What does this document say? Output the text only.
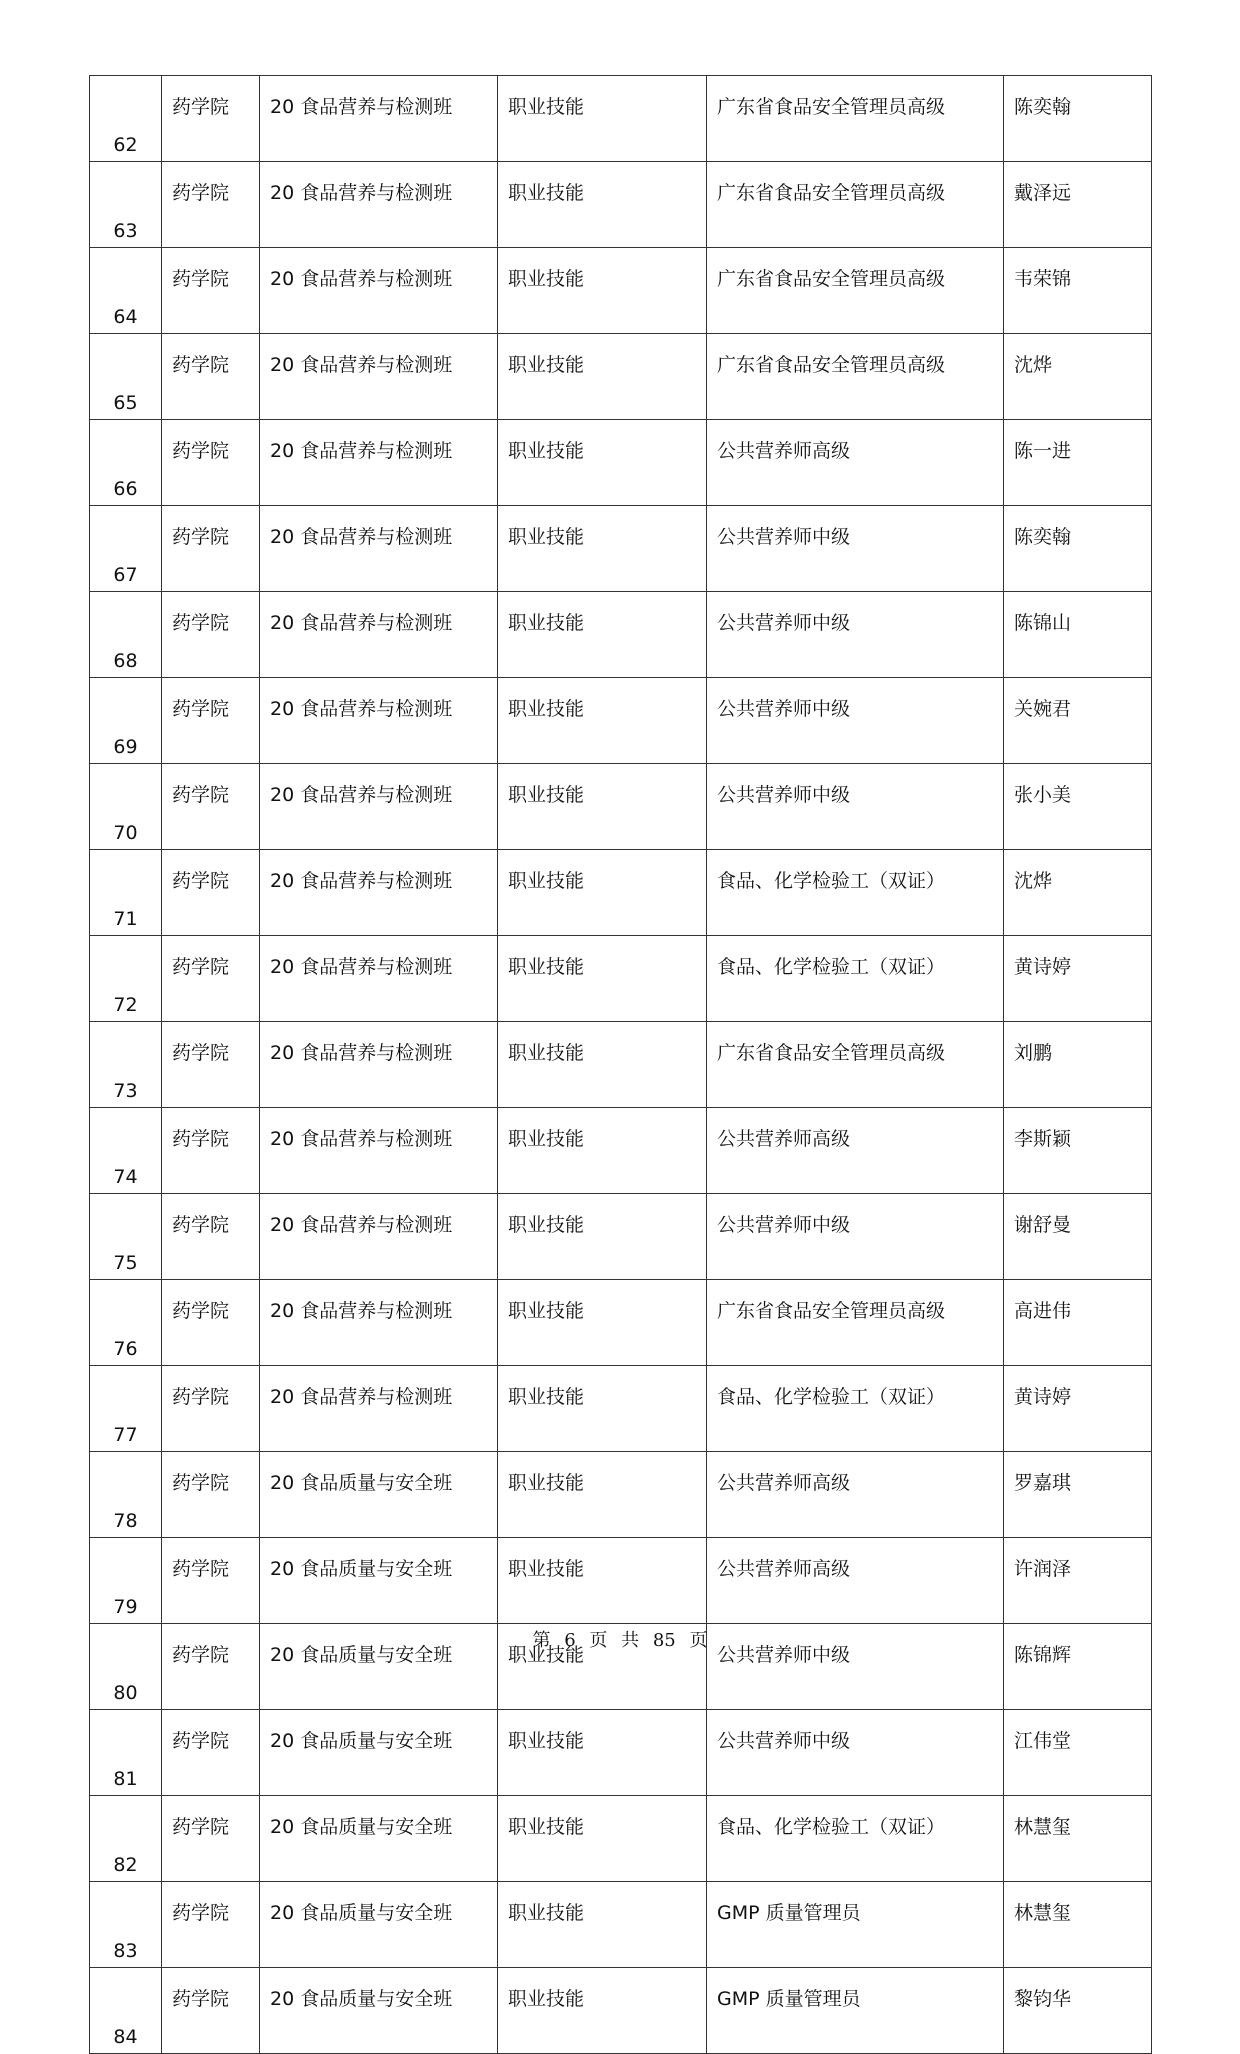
62	药学院	20 食品营养与检测班	职业技能	广东省食品安全管理员高级	陈奕翰
63	药学院	20 食品营养与检测班	职业技能	广东省食品安全管理员高级	戴泽远
64	药学院	20 食品营养与检测班	职业技能	广东省食品安全管理员高级	韦荣锦
65	药学院	20 食品营养与检测班	职业技能	广东省食品安全管理员高级	沈烨
66	药学院	20 食品营养与检测班	职业技能	公共营养师高级	陈一进
67	药学院	20 食品营养与检测班	职业技能	公共营养师中级	陈奕翰
68	药学院	20 食品营养与检测班	职业技能	公共营养师中级	陈锦山
69	药学院	20 食品营养与检测班	职业技能	公共营养师中级	关婉君
70	药学院	20 食品营养与检测班	职业技能	公共营养师中级	张小美
71	药学院	20 食品营养与检测班	职业技能	食品、化学检验工（双证）	沈烨
72	药学院	20 食品营养与检测班	职业技能	食品、化学检验工（双证）	黄诗婷
73	药学院	20 食品营养与检测班	职业技能	广东省食品安全管理员高级	刘鹏
74	药学院	20 食品营养与检测班	职业技能	公共营养师高级	李斯颖
75	药学院	20 食品营养与检测班	职业技能	公共营养师中级	谢舒曼
76	药学院	20 食品营养与检测班	职业技能	广东省食品安全管理员高级	高进伟
77	药学院	20 食品营养与检测班	职业技能	食品、化学检验工（双证）	黄诗婷
78	药学院	20 食品质量与安全班	职业技能	公共营养师高级	罗嘉琪
79	药学院	20 食品质量与安全班	职业技能	公共营养师高级	许润泽
80	药学院	20 食品质量与安全班	职业技能	公共营养师中级	陈锦辉
81	药学院	20 食品质量与安全班	职业技能	公共营养师中级	江伟堂
82	药学院	20 食品质量与安全班	职业技能	食品、化学检验工（双证）	林慧玺
83	药学院	20 食品质量与安全班	职业技能	GMP 质量管理员	林慧玺
84	药学院	20 食品质量与安全班	职业技能	GMP 质量管理员	黎钧华
第 6 页 共 85 页
